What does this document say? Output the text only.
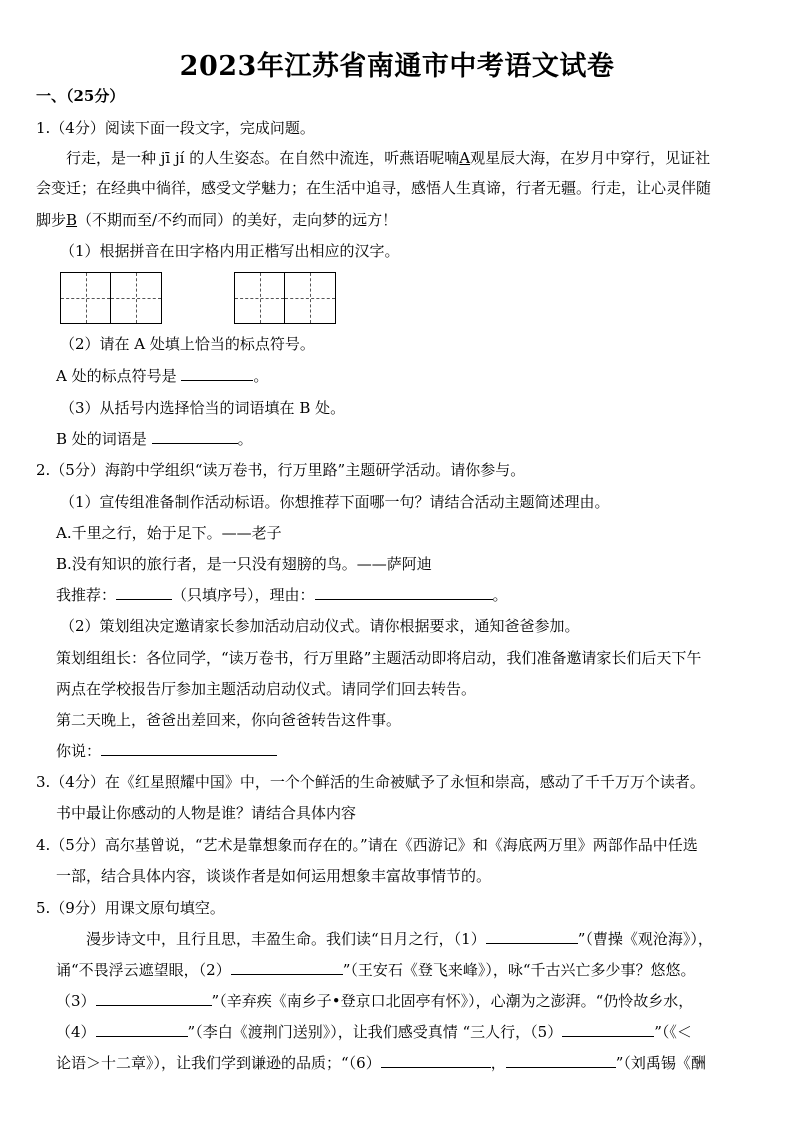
2023年江苏省南通市中考语文试卷
一、（25分）
1.（4分）阅读下面一段文字，完成问题。
行走，是一种 jī jí 的人生姿态。在自然中流连，听燕语呢喃A观星辰大海，在岁月中穿行，见证社
会变迁；在经典中徜徉，感受文学魅力；在生活中追寻，感悟人生真谛，行者无疆。行走，让心灵伴随
脚步B（不期而至/不约而同）的美好，走向梦的远方！
（1）根据拼音在田字格内用正楷写出相应的汉字。
（2）请在 A 处填上恰当的标点符号。
A 处的标点符号是	。
（3）从括号内选择恰当的词语填在 B 处。
B 处的词语是	。
2.（5分）海韵中学组织“读万卷书，行万里路”主题研学活动。请你参与。
（1）宣传组准备制作活动标语。你想推荐下面哪一句？请结合活动主题简述理由。
A.千里之行，始于足下。——老子
B.没有知识的旅行者，是一只没有翅膀的鸟。——萨阿迪
我推荐：	（只填序号），理由：	。
（2）策划组决定邀请家长参加活动启动仪式。请你根据要求，通知爸爸参加。
策划组组长：各位同学，“读万卷书，行万里路”主题活动即将启动，我们准备邀请家长们后天下午
两点在学校报告厅参加主题活动启动仪式。请同学们回去转告。
第二天晚上，爸爸出差回来，你向爸爸转告这件事。
你说：
3.（4分）在《红星照耀中国》中，一个个鲜活的生命被赋予了永恒和崇高，感动了千千万万个读者。
书中最让你感动的人物是谁？请结合具体内容
4.（5分）高尔基曾说，“艺术是靠想象而存在的。”请在《西游记》和《海底两万里》两部作品中任选
一部，结合具体内容，谈谈作者是如何运用想象丰富故事情节的。
5.（9分）用课文原句填空。
漫步诗文中，且行且思，丰盈生命。我们读“日月之行，（1）	”（曹操《观沧海》），
诵“不畏浮云遮望眼，（2）	”（王安石《登飞来峰》），咏“千古兴亡多少事？悠悠。
（3）	”（辛弃疾《南乡子•登京口北固亭有怀》），心潮为之澎湃。“仍怜故乡水，
（4）	”（李白《渡荆门送别》），让我们感受真情 “三人行，（5）	”（《＜
论语＞十二章》），让我们学到谦逊的品质；“（6）	，	”（刘禹锡《酬
